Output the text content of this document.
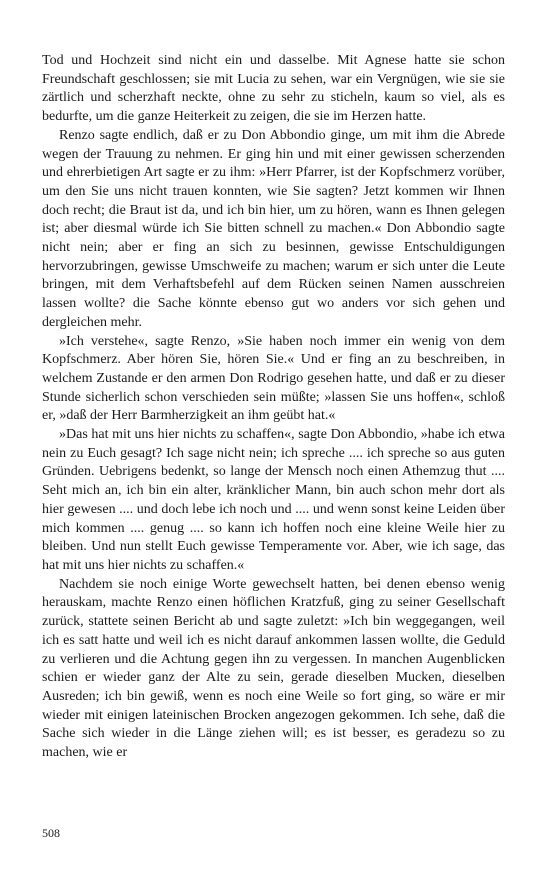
Tod und Hochzeit sind nicht ein und dasselbe. Mit Agnese hatte sie schon Freundschaft geschlossen; sie mit Lucia zu sehen, war ein Vergnügen, wie sie sie zärtlich und scherzhaft neckte, ohne zu sehr zu sticheln, kaum so viel, als es bedurfte, um die ganze Heiterkeit zu zeigen, die sie im Herzen hatte.

Renzo sagte endlich, daß er zu Don Abbondio ginge, um mit ihm die Abrede wegen der Trauung zu nehmen. Er ging hin und mit einer gewissen scherzenden und ehrerbietigen Art sagte er zu ihm: »Herr Pfarrer, ist der Kopfschmerz vorüber, um den Sie uns nicht trauen konnten, wie Sie sagten? Jetzt kommen wir Ihnen doch recht; die Braut ist da, und ich bin hier, um zu hören, wann es Ihnen gelegen ist; aber diesmal würde ich Sie bitten schnell zu machen.« Don Abbondio sagte nicht nein; aber er fing an sich zu besinnen, gewisse Entschuldigungen hervorzubringen, gewisse Umschweife zu machen; warum er sich unter die Leute bringen, mit dem Verhaftsbefehl auf dem Rücken seinen Namen ausschreien lassen wollte? die Sache könnte ebenso gut wo anders vor sich gehen und dergleichen mehr.

»Ich verstehe«, sagte Renzo, »Sie haben noch immer ein wenig von dem Kopfschmerz. Aber hören Sie, hören Sie.« Und er fing an zu beschreiben, in welchem Zustande er den armen Don Rodrigo gesehen hatte, und daß er zu dieser Stunde sicherlich schon verschieden sein müßte; »lassen Sie uns hoffen«, schloß er, »daß der Herr Barmherzigkeit an ihm geübt hat.«

»Das hat mit uns hier nichts zu schaffen«, sagte Don Abbondio, »habe ich etwa nein zu Euch gesagt? Ich sage nicht nein; ich spreche .... ich spreche so aus guten Gründen. Uebrigens bedenkt, so lange der Mensch noch einen Athemzug thut .... Seht mich an, ich bin ein alter, kränklicher Mann, bin auch schon mehr dort als hier gewesen .... und doch lebe ich noch und .... und wenn sonst keine Leiden über mich kommen .... genug .... so kann ich hoffen noch eine kleine Weile hier zu bleiben. Und nun stellt Euch gewisse Temperamente vor. Aber, wie ich sage, das hat mit uns hier nichts zu schaffen.«

Nachdem sie noch einige Worte gewechselt hatten, bei denen ebenso wenig herauskam, machte Renzo einen höflichen Kratzfuß, ging zu seiner Gesellschaft zurück, stattete seinen Bericht ab und sagte zuletzt: »Ich bin weggegangen, weil ich es satt hatte und weil ich es nicht darauf ankommen lassen wollte, die Geduld zu verlieren und die Achtung gegen ihn zu vergessen. In manchen Augenblicken schien er wieder ganz der Alte zu sein, gerade dieselben Mucken, dieselben Ausreden; ich bin gewiß, wenn es noch eine Weile so fort ging, so wäre er mir wieder mit einigen lateinischen Brocken angezogen gekommen. Ich sehe, daß die Sache sich wieder in die Länge ziehen will; es ist besser, es geradezu so zu machen, wie er

508
